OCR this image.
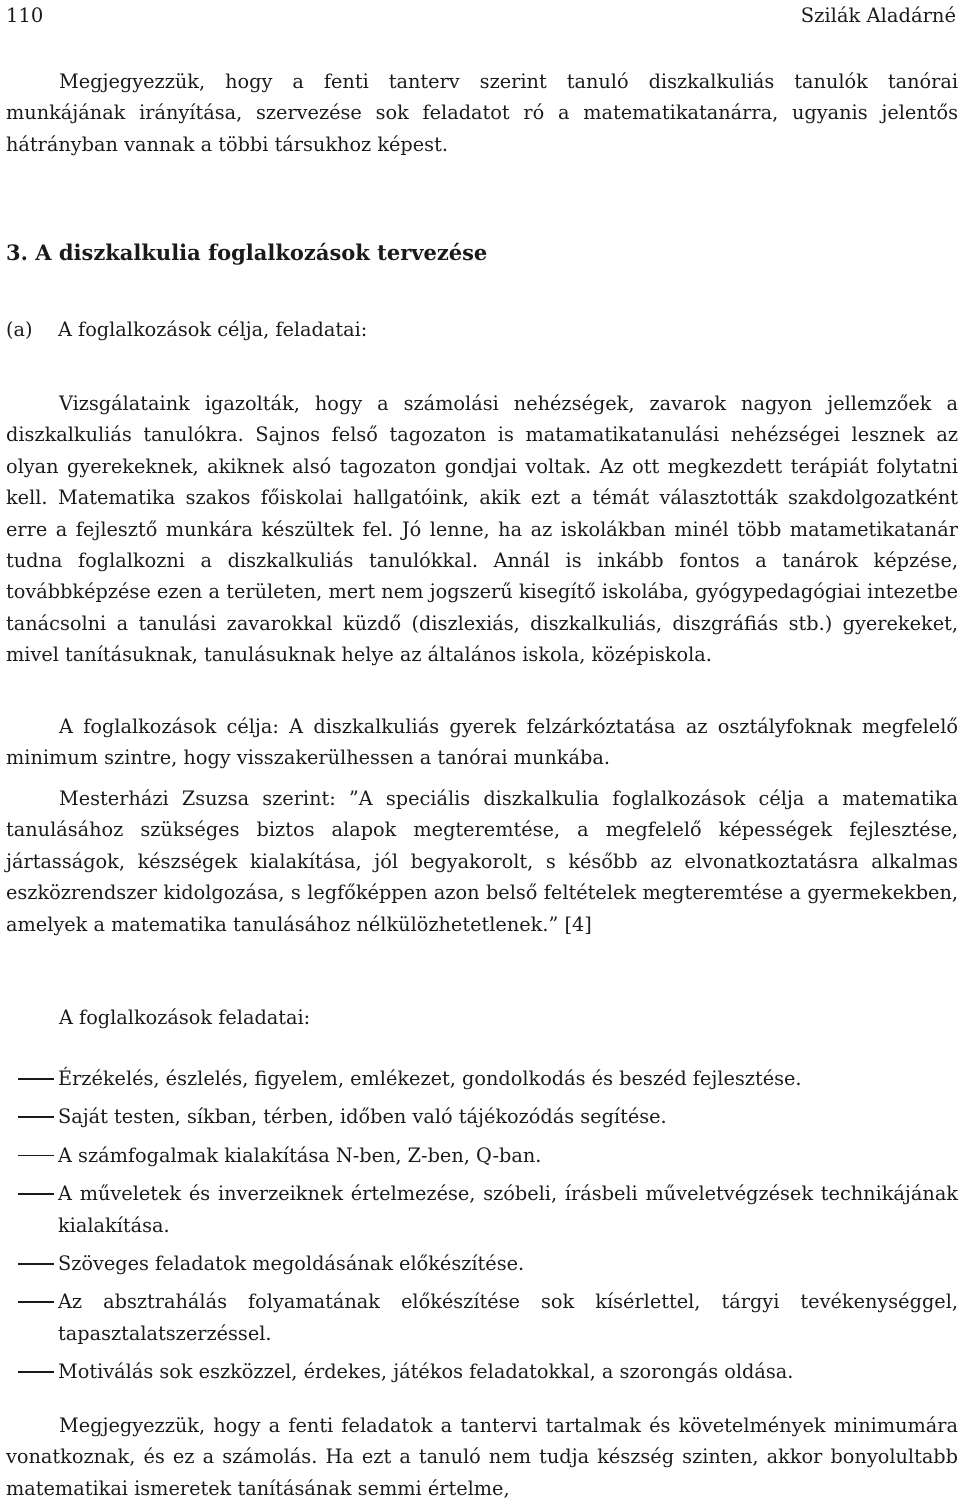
110	Szilák Aladárné

Megjegyezzük, hogy a fenti tanterv szerint tanuló diszkalkuliás tanulók tanórai munkájának irányítása, szervezése sok feladatot ró a matematikatanárra, ugyanis jelentős hátrányban vannak a többi társukhoz képest.

3. A diszkalkulia foglalkozások tervezése
(a) A foglalkozások célja, feladatai:

Vizsgálataink igazolták, hogy a számolási nehézségek, zavarok nagyon jellemzőek a diszkalkuliás tanulókra. Sajnos felső tagozaton is matamatikatanulási nehézségei lesznek az olyan gyerekeknek, akiknek alsó tagozaton gondjai voltak. Az ott megkezdett terápiát folytatni kell. Matematika szakos főiskolai hallgatóink, akik ezt a témát választották szakdolgozatként erre a fejlesztő munkára készültek fel. Jó lenne, ha az iskolákban minél több matametikatanár tudna foglalkozni a diszkalkuliás tanulókkal. Annál is inkább fontos a tanárok képzése, továbbképzése ezen a területen, mert nem jogszerű kisegítő iskolába, gyógypedagógiai intezetbe tanácsolni a tanulási zavarokkal küzdő (diszlexiás, diszkalkuliás, diszgráfiás stb.) gyerekeket, mivel tanításuknak, tanulásuknak helye az általános iskola, középiskola.

A foglalkozások célja: A diszkalkuliás gyerek felzárkóztatása az osztályfoknak megfelelő minimum szintre, hogy visszakerülhessen a tanórai munkába.

Mesterházi Zsuzsa szerint: ”A speciális diszkalkulia foglalkozások célja a matematika tanulásához szükséges biztos alapok megteremtése, a megfelelő képességek fejlesztése, jártasságok, készségek kialakítása, jól begyakorolt, s később az elvonatkoztatásra alkalmas eszközrendszer kidolgozása, s legfőképpen azon belső feltételek megteremtése a gyermekekben, amelyek a matematika tanulásához nélkülözhetetlenek.” [4]

A foglalkozások feladatai:
Érzékelés, észlelés, figyelem, emlékezet, gondolkodás és beszéd fejlesztése.
Saját testen, síkban, térben, időben való tájékozódás segítése.
A számfogalmak kialakítása N-ben, Z-ben, Q-ban.
A műveletek és inverzeiknek értelmezése, szóbeli, írásbeli műveletvégzések technikájának kialakítása.
Szöveges feladatok megoldásának előkészítése.
Az absztrahálás folyamatának előkészítése sok kísérlettel, tárgyi tevékenységgel, tapasztalatszerzéssel.
Motiválás sok eszközzel, érdekes, játékos feladatokkal, a szorongás oldása.

Megjegyezzük, hogy a fenti feladatok a tantervi tartalmak és követelmények minimumára vonatkoznak, és ez a számolás. Ha ezt a tanuló nem tudja készség szinten, akkor bonyolultabb matematikai ismeretek tanításának semmi értelme,
